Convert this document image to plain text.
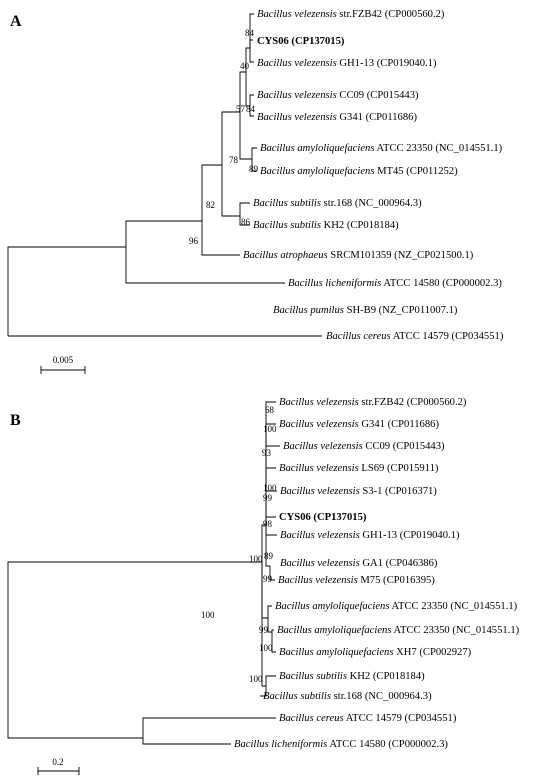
A	Bacillus velezensis str.FZB42 (CP000560.2)
CYS06 (CP137015)
Bacillus velezensis GH1-13 (CP019040.1)
Bacillus velezensis CC09 (CP015443)
Bacillus velezensis G341 (CP011686)
Bacillus amyloliquefaciens ATCC 23350 (NC_014551.1)
Bacillus amyloliquefaciens MT45 (CP011252)
Bacillus subtilis str.168 (NC_000964.3)
Bacillus subtilis KH2 (CP018184)
Bacillus atrophaeus SRCM101359 (NZ_CP021500.1)
Bacillus licheniformis ATCC 14580 (CP000002.3)
Bacillus pumilus SH-B9 (NZ_CP011007.1)
Bacillus cereus ATCC 14579 (CP034551)
84
40
57 84
89
78
86
82
96
0.005
B
Bacillus velezensis str.FZB42 (CP000560.2)
Bacillus velezensis G341 (CP011686)
Bacillus velezensis CC09 (CP015443)
Bacillus velezensis LS69 (CP015911)
Bacillus velezensis S3-1 (CP016371)
CYS06 (CP137015)
Bacillus velezensis GH1-13 (CP019040.1)
Bacillus velezensis GA1 (CP046386)
Bacillus velezensis M75 (CP016395)
Bacillus amyloliquefaciens ATCC 23350 (NC_014551.1)
Bacillus amyloliquefaciens ATCC 23350 (NC_014551.1)
Bacillus amyloliquefaciens XH7 (CP002927)
Bacillus subtilis KH2 (CP018184)
Bacillus subtilis str.168 (NC_000964.3)
Bacillus cereus ATCC 14579 (CP034551)
Bacillus licheniformis ATCC 14580 (CP000002.3)
68
100
93
100
99
98
89
100
99
99
100
100
100
0.2
